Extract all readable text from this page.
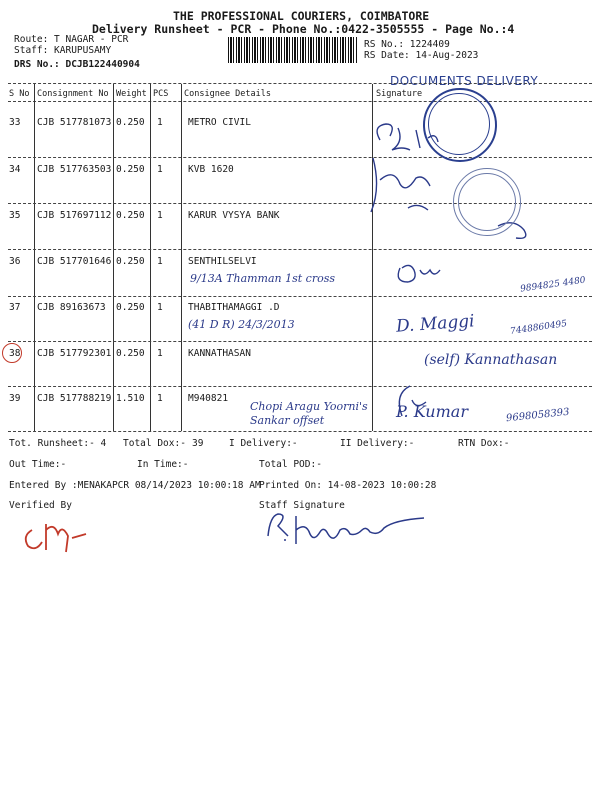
THE PROFESSIONAL COURIERS, COIMBATORE
Delivery Runsheet - PCR - Phone No.:0422-3505555 - Page No.:4
Route: T NAGAR - PCR
Staff: KARUPUSAMY
DRS No.: DCJB122440904
RS No.: 1224409
RS Date: 14-Aug-2023
DOCUMENTS DELIVERY
S No Consignment No Weight PCS Consignee Details	Signature
33 CJB 517781073 0.250 1	METRO CIVIL
34 CJB 517763503 0.250 1	KVB 1620
35 CJB 517697112 0.250 1	KARUR VYSYA BANK
36 CJB 517701646 0.250 1	SENTHILSELVI
9/13A Thamman 1st cross	9894825 4480
37 CJB 89163673 0.250 1	THABITHAMAGGI .D
(41 D R) 24/3/2013	D. Maggi	7448860495
38 CJB 517792301 0.250 1	KANNATHASAN	(self) Kannathasan
39 CJB 517788219 1.510 1	M940821
Chopi Aragu Yoorni's Sankar offset	P. Kumar	9698058393
Tot. Runsheet:- 4 Total Dox:- 39	I Delivery:-	II Delivery:-	RTN Dox:-
Out Time:-	In Time:-	Total POD:-
Entered By :MENAKAPCR 08/14/2023 10:00:18 AM
Printed On: 14-08-2023 10:00:28
Verified By	Staff Signature
